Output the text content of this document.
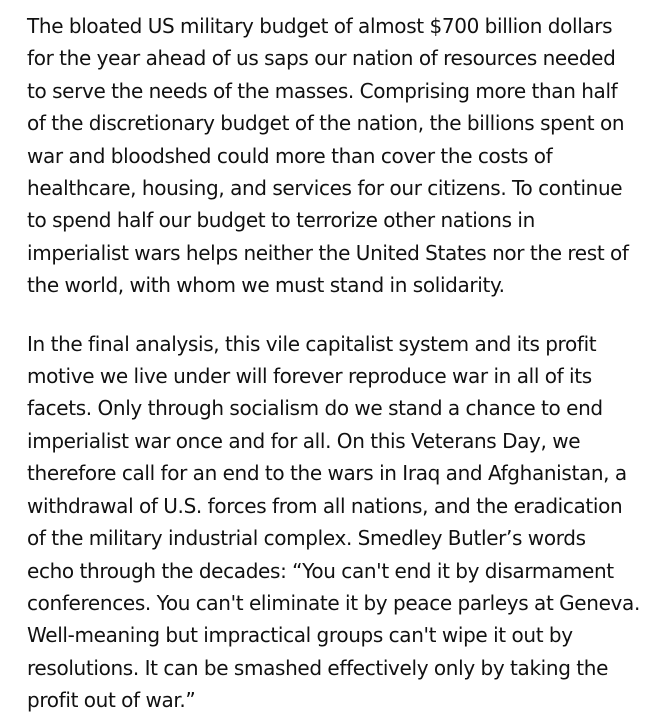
The bloated US military budget of almost $700 billion dollars
for the year ahead of us saps our nation of resources needed
to serve the needs of the masses. Comprising more than half
of the discretionary budget of the nation, the billions spent on
war and bloodshed could more than cover the costs of
healthcare, housing, and services for our citizens. To continue
to spend half our budget to terrorize other nations in
imperialist wars helps neither the United States nor the rest of
the world, with whom we must stand in solidarity.

In the final analysis, this vile capitalist system and its profit
motive we live under will forever reproduce war in all of its
facets. Only through socialism do we stand a chance to end
imperialist war once and for all. On this Veterans Day, we
therefore call for an end to the wars in Iraq and Afghanistan, a
withdrawal of U.S. forces from all nations, and the eradication
of the military industrial complex. Smedley Butler’s words
echo through the decades: “You can't end it by disarmament
conferences. You can't eliminate it by peace parleys at Geneva.
Well-meaning but impractical groups can't wipe it out by
resolutions. It can be smashed effectively only by taking the
profit out of war.”
